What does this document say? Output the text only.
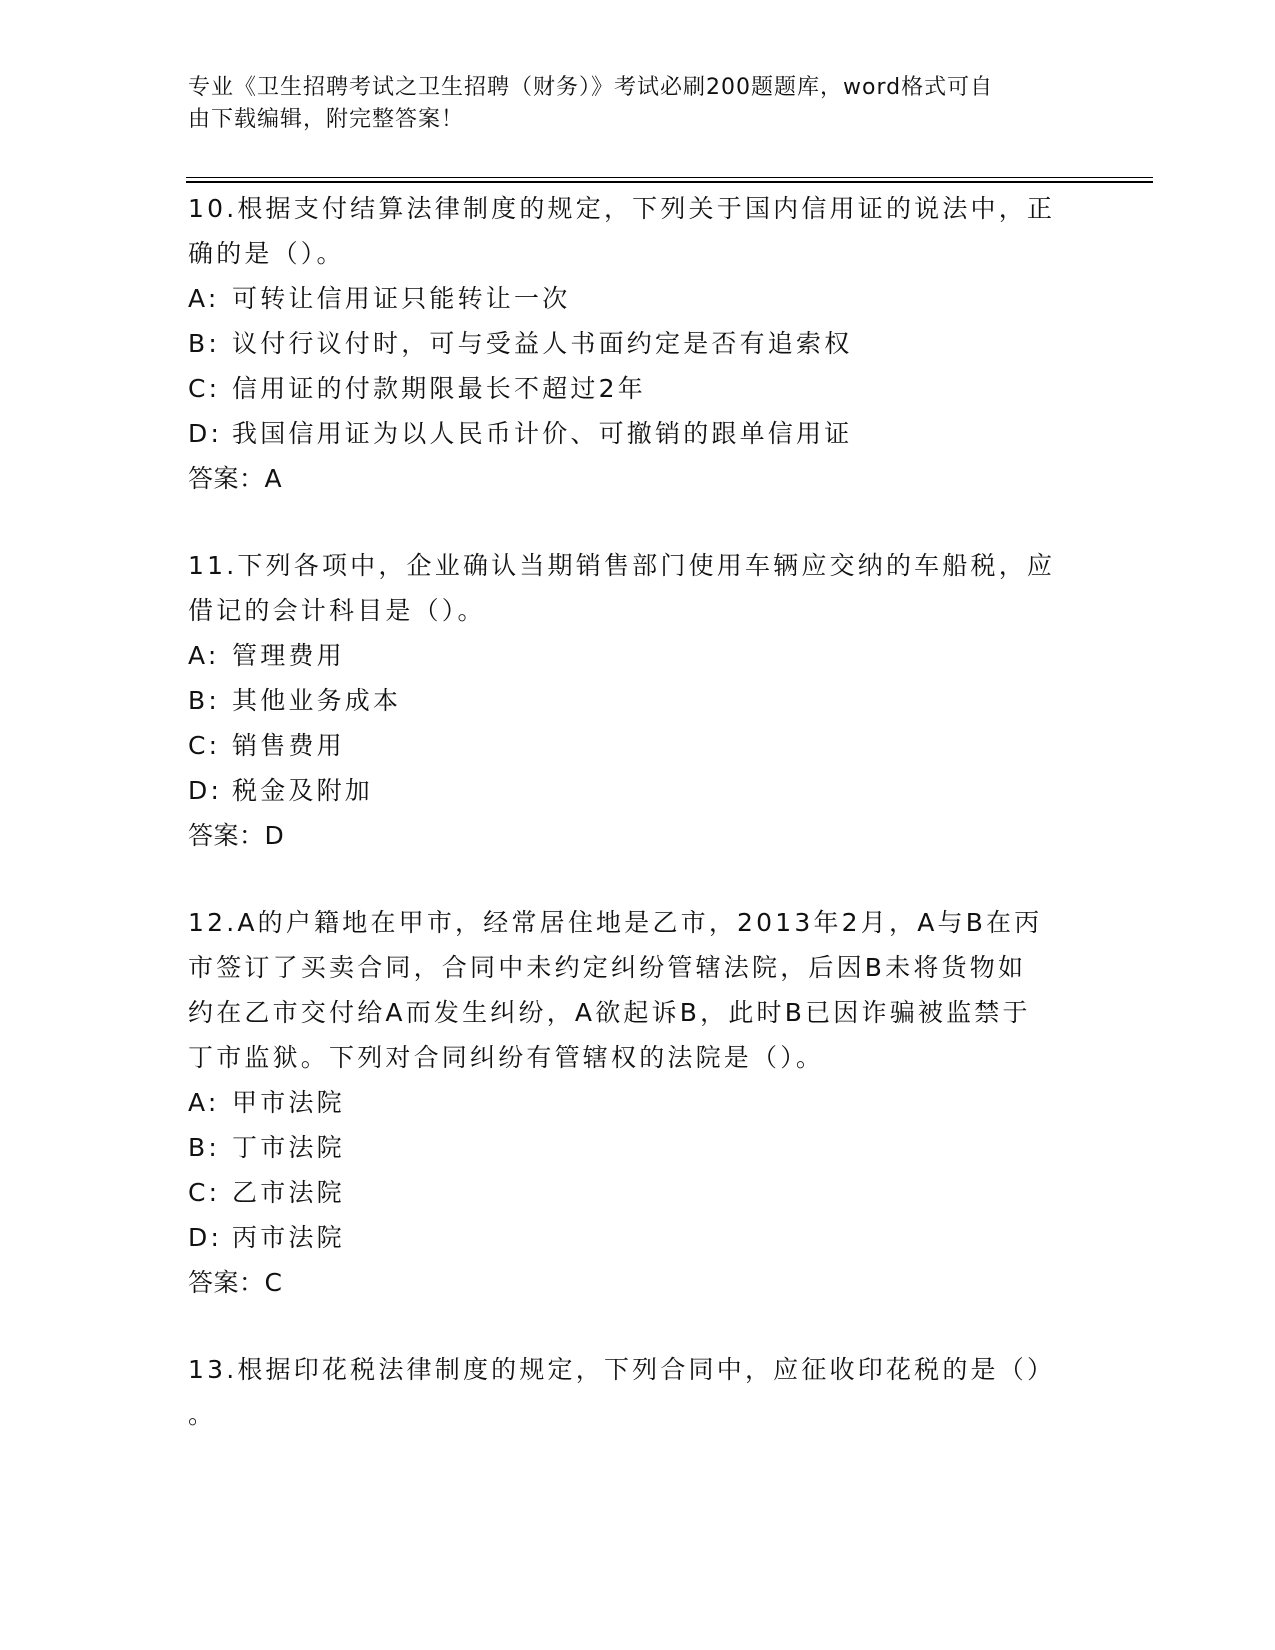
专业《卫生招聘考试之卫生招聘（财务）》考试必刷200题题库，word格式可自
由下载编辑，附完整答案！
10.根据支付结算法律制度的规定，下列关于国内信用证的说法中，正
确的是（）。
A: 可转让信用证只能转让一次
B: 议付行议付时，可与受益人书面约定是否有追索权
C: 信用证的付款期限最长不超过2年
D: 我国信用证为以人民币计价、可撤销的跟单信用证
答案：A
11.下列各项中，企业确认当期销售部门使用车辆应交纳的车船税，应
借记的会计科目是（）。
A: 管理费用
B: 其他业务成本
C: 销售费用
D: 税金及附加
答案：D
12.A的户籍地在甲市，经常居住地是乙市，2013年2月，A与B在丙
市签订了买卖合同，合同中未约定纠纷管辖法院，后因B未将货物如
约在乙市交付给A而发生纠纷，A欲起诉B，此时B已因诈骗被监禁于
丁市监狱。下列对合同纠纷有管辖权的法院是（）。
A: 甲市法院
B: 丁市法院
C: 乙市法院
D: 丙市法院
答案：C
13.根据印花税法律制度的规定，下列合同中，应征收印花税的是（）
。
